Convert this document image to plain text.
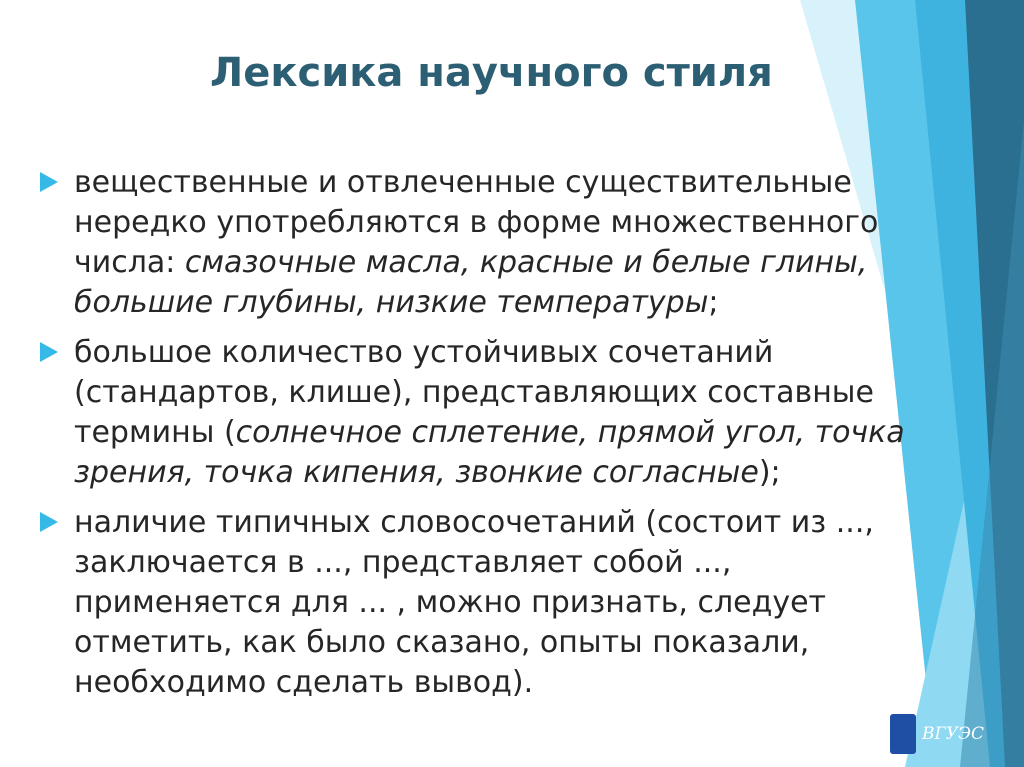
Лексика научного стиля
вещественные и отвлеченные существительные нередко употребляются в форме множественного числа: смазочные масла, красные и белые глины, большие глубины, низкие температуры;
большое количество устойчивых сочетаний (стандартов, клише), представляющих составные термины (солнечное сплетение, прямой угол, точка зрения, точка кипения, звонкие согласные);
наличие типичных словосочетаний (состоит из ..., заключается в ..., представляет собой ..., применяется для ... , можно признать, следует отметить, как было сказано, опыты показали, необходимо сделать вывод).
ВГУЭС
